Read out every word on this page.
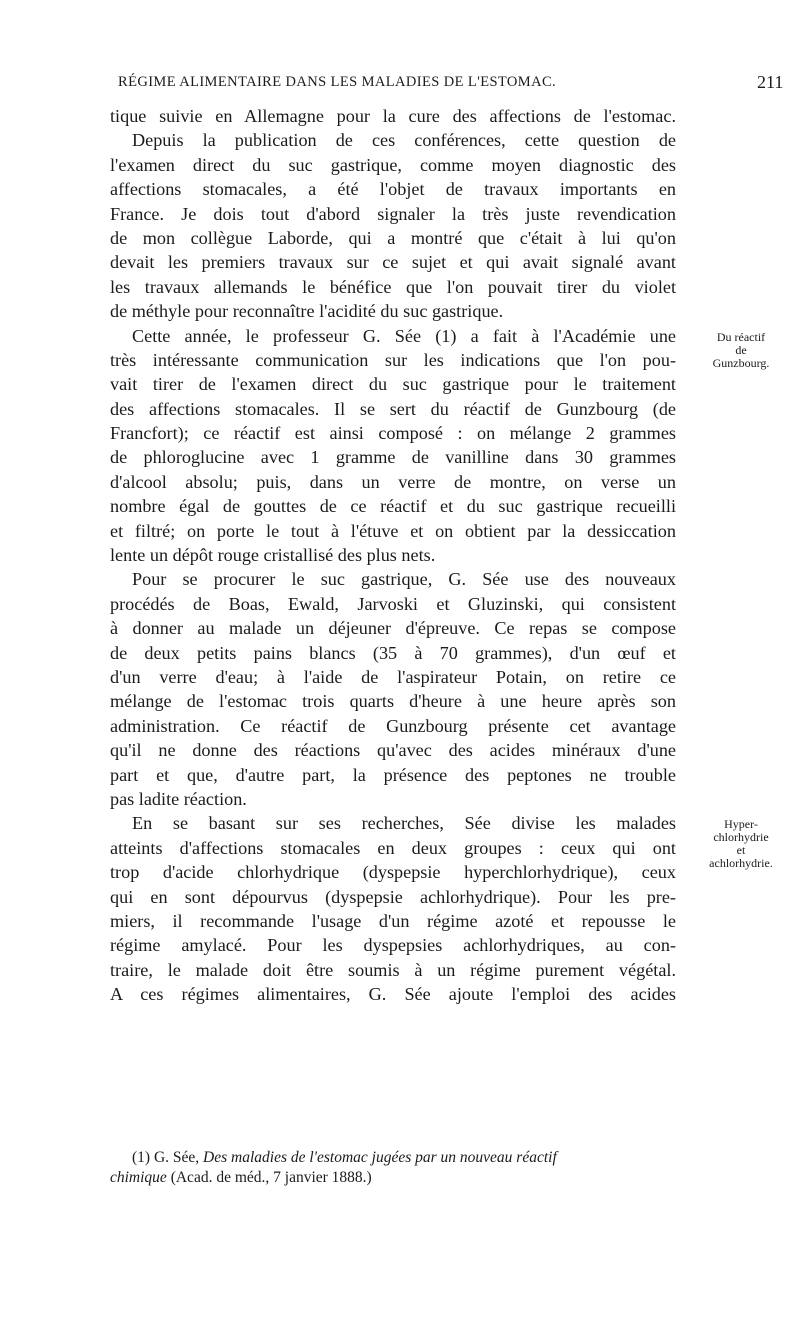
RÉGIME ALIMENTAIRE DANS LES MALADIES DE L'ESTOMAC.	211
tique suivie en Allemagne pour la cure des affections de l'estomac.
Depuis la publication de ces conférences, cette question de
l'examen direct du suc gastrique, comme moyen diagnostic des
affections stomacales, a été l'objet de travaux importants en
France. Je dois tout d'abord signaler la très juste revendication
de mon collègue Laborde, qui a montré que c'était à lui qu'on
devait les premiers travaux sur ce sujet et qui avait signalé avant
les travaux allemands le bénéfice que l'on pouvait tirer du violet
de méthyle pour reconnaître l'acidité du suc gastrique.
Cette année, le professeur G. Sée (1) a fait à l'Académie une
très intéressante communication sur les indications que l'on pou-
vait tirer de l'examen direct du suc gastrique pour le traitement
des affections stomacales. Il se sert du réactif de Gunzbourg (de
Francfort); ce réactif est ainsi composé : on mélange 2 grammes
de phloroglucine avec 1 gramme de vanilline dans 30 grammes
d'alcool absolu; puis, dans un verre de montre, on verse un
nombre égal de gouttes de ce réactif et du suc gastrique recueilli
et filtré; on porte le tout à l'étuve et on obtient par la dessiccation
lente un dépôt rouge cristallisé des plus nets.
Pour se procurer le suc gastrique, G. Sée use des nouveaux
procédés de Boas, Ewald, Jarvoski et Gluzinski, qui consistent
à donner au malade un déjeuner d'épreuve. Ce repas se compose
de deux petits pains blancs (35 à 70 grammes), d'un œuf et
d'un verre d'eau; à l'aide de l'aspirateur Potain, on retire ce
mélange de l'estomac trois quarts d'heure à une heure après son
administration. Ce réactif de Gunzbourg présente cet avantage
qu'il ne donne des réactions qu'avec des acides minéraux d'une
part et que, d'autre part, la présence des peptones ne trouble
pas ladite réaction.
En se basant sur ses recherches, Sée divise les malades
atteints d'affections stomacales en deux groupes : ceux qui ont
trop d'acide chlorhydrique (dyspepsie hyperchlorhydrique), ceux
qui en sont dépourvus (dyspepsie achlorhydrique). Pour les pre-
miers, il recommande l'usage d'un régime azoté et repousse le
régime amylacé. Pour les dyspepsies achlorhydriques, au con-
traire, le malade doit être soumis à un régime purement végétal.
A ces régimes alimentaires, G. Sée ajoute l'emploi des acides
Du réactif
de
Gunzbourg.
Hyper-
chlorhydrie
et
achlorhydrie.
(1) G. Sée, Des maladies de l'estomac jugées par un nouveau réactif
chimique (Acad. de méd., 7 janvier 1888.)
